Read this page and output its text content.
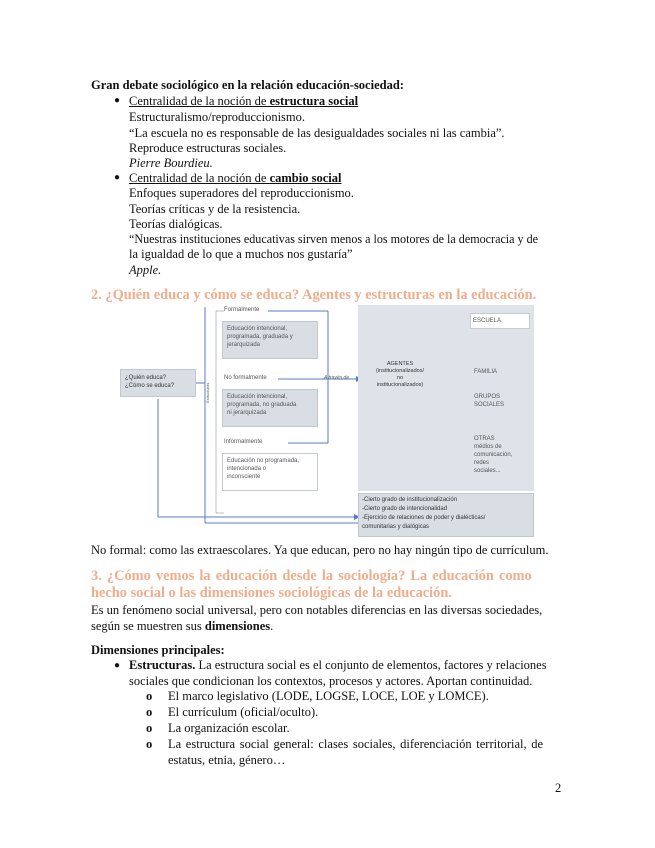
Gran debate sociológico en la relación educación-sociedad:
● Centralidad de la noción de estructura social
Estructuralismo/reproduccionismo.
“La escuela no es responsable de las desigualdades sociales ni las cambia”.
Reproduce estructuras sociales.
Pierre Bourdieu.
● Centralidad de la noción de cambio social
Enfoques superadores del reproduccionismo.
Teorías críticas y de la resistencia.
Teorías dialógicas.
“Nuestras instituciones educativas sirven menos a los motores de la democracia y de
la igualdad de lo que a muchos nos gustaría”
Apple.
2. ¿Quién educa y cómo se educa? Agentes y estructuras en la educación.
¿Quién educa?
¿Cómo se educa?	Estructuras
Formalmente
Educación intencional,
programada, graduada y
jerarquizada
No formalmente
Educación intencional,
programada, no graduada
ni jerarquizada
Informalmente
Educación no programada,
intencionada o
inconsciente
A través de
AGENTES
(institucionalizados/
no
institucionalizados)
ESCUELA
FAMILIA
GRUPOS
SOCIALES
OTRAS
médios de
comunicación,
redes
sociales...
-Cierto grado de institucionalización
-Cierto grado de intencionalidad
-Ejercicio de relaciones de poder y dialécticas/
comunitarias y dialógicas
No formal: como las extraescolares. Ya que educan, pero no hay ningún tipo de currículum.
3. ¿Cómo vemos la educación desde la sociología? La educación como
hecho social o las dimensiones sociológicas de la educación.
Es un fenómeno social universal, pero con notables diferencias en las diversas sociedades,
según se muestren sus dimensiones.
Dimensiones principales:
● Estructuras. La estructura social es el conjunto de elementos, factores y relaciones
sociales que condicionan los contextos, procesos y actores. Aportan continuidad.
o El marco legislativo (LODE, LOGSE, LOCE, LOE y LOMCE).
o El currículum (oficial/oculto).
o La organización escolar.
o La estructura social general: clases sociales, diferenciación territorial, de
estatus, etnia, género…
2
